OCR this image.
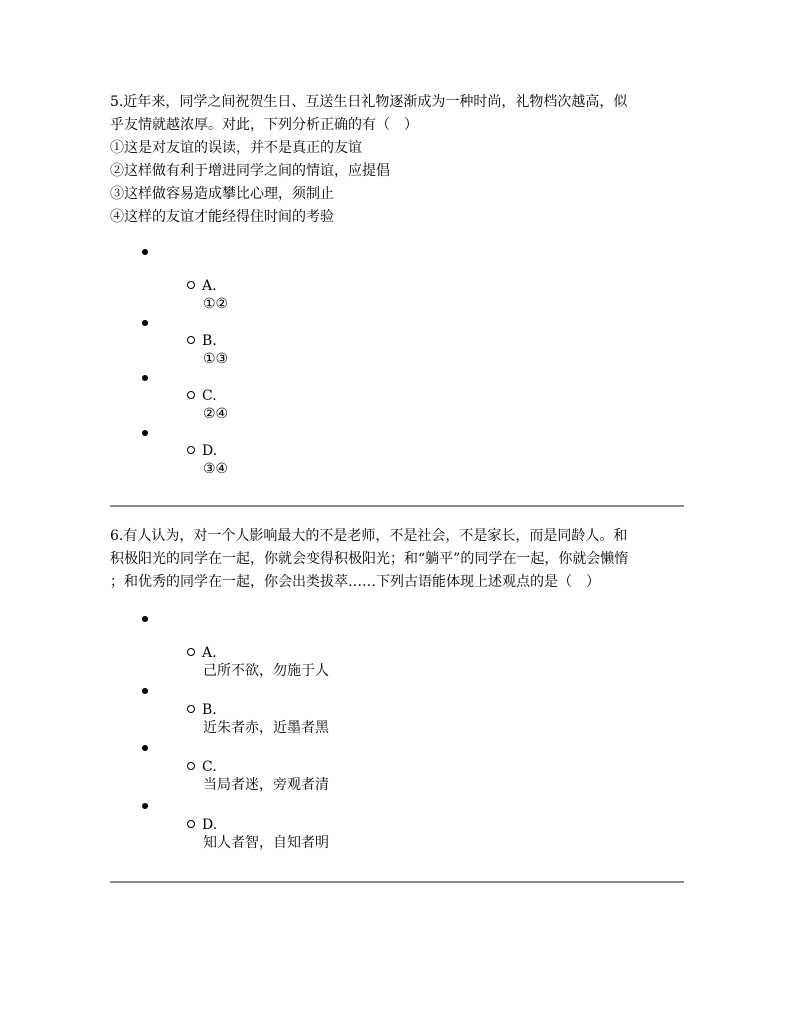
5.近年来，同学之间祝贺生日、互送生日礼物逐渐成为一种时尚，礼物档次越高，似
乎友情就越浓厚。对此，下列分析正确的有（　）
①这是对友谊的误读，并不是真正的友谊
②这样做有利于增进同学之间的情谊，应提倡
③这样做容易造成攀比心理，须制止
④这样的友谊才能经得住时间的考验

A.
①②
B.
①③
C.
②④
D.
③④

6.有人认为，对一个人影响最大的不是老师，不是社会，不是家长，而是同龄人。和
积极阳光的同学在一起，你就会变得积极阳光；和“躺平”的同学在一起，你就会懒惰
；和优秀的同学在一起，你会出类拔萃……下列古语能体现上述观点的是（　）

A.
己所不欲，勿施于人
B.
近朱者赤，近墨者黑
C.
当局者迷，旁观者清
D.
知人者智，自知者明
